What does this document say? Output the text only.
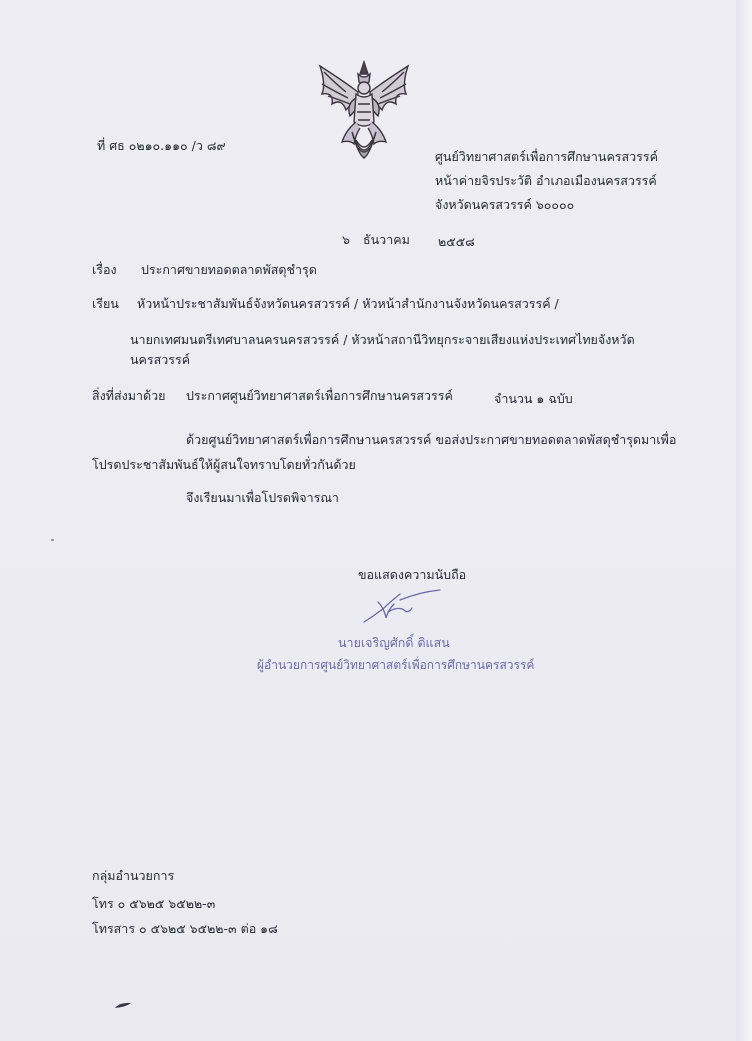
ที่ ศธ ๐๒๑๐.๑๑๐ /ว ๘๙
ศูนย์วิทยาศาสตร์เพื่อการศึกษานครสวรรค์
หน้าค่ายจิรประวัติ อำเภอเมืองนครสวรรค์
จังหวัดนครสวรรค์ ๖๐๐๐๐
๖ ธันวาคม ๒๕๕๘
เรื่อง ประกาศขายทอดตลาดพัสดุชำรุด
เรียน หัวหน้าประชาสัมพันธ์จังหวัดนครสวรรค์ / หัวหน้าสำนักงานจังหวัดนครสวรรค์ /
นายกเทศมนตรีเทศบาลนครนครสวรรค์ / หัวหน้าสถานีวิทยุกระจายเสียงแห่งประเทศไทยจังหวัด
นครสวรรค์
สิ่งที่ส่งมาด้วย ประกาศศูนย์วิทยาศาสตร์เพื่อการศึกษานครสวรรค์	จำนวน ๑ ฉบับ
ด้วยศูนย์วิทยาศาสตร์เพื่อการศึกษานครสวรรค์ ขอส่งประกาศขายทอดตลาดพัสดุชำรุดมาเพื่อ
โปรดประชาสัมพันธ์ให้ผู้สนใจทราบโดยทั่วกันด้วย
จึงเรียนมาเพื่อโปรดพิจารณา
ขอแสดงความนับถือ
นายเจริญศักดิ์ ดิแสน
ผู้อำนวยการศูนย์วิทยาศาสตร์เพื่อการศึกษานครสวรรค์
กลุ่มอำนวยการ
โทร ๐ ๕๖๒๕ ๖๕๒๒-๓
โทรสาร ๐ ๕๖๒๕ ๖๕๒๒-๓ ต่อ ๑๘
